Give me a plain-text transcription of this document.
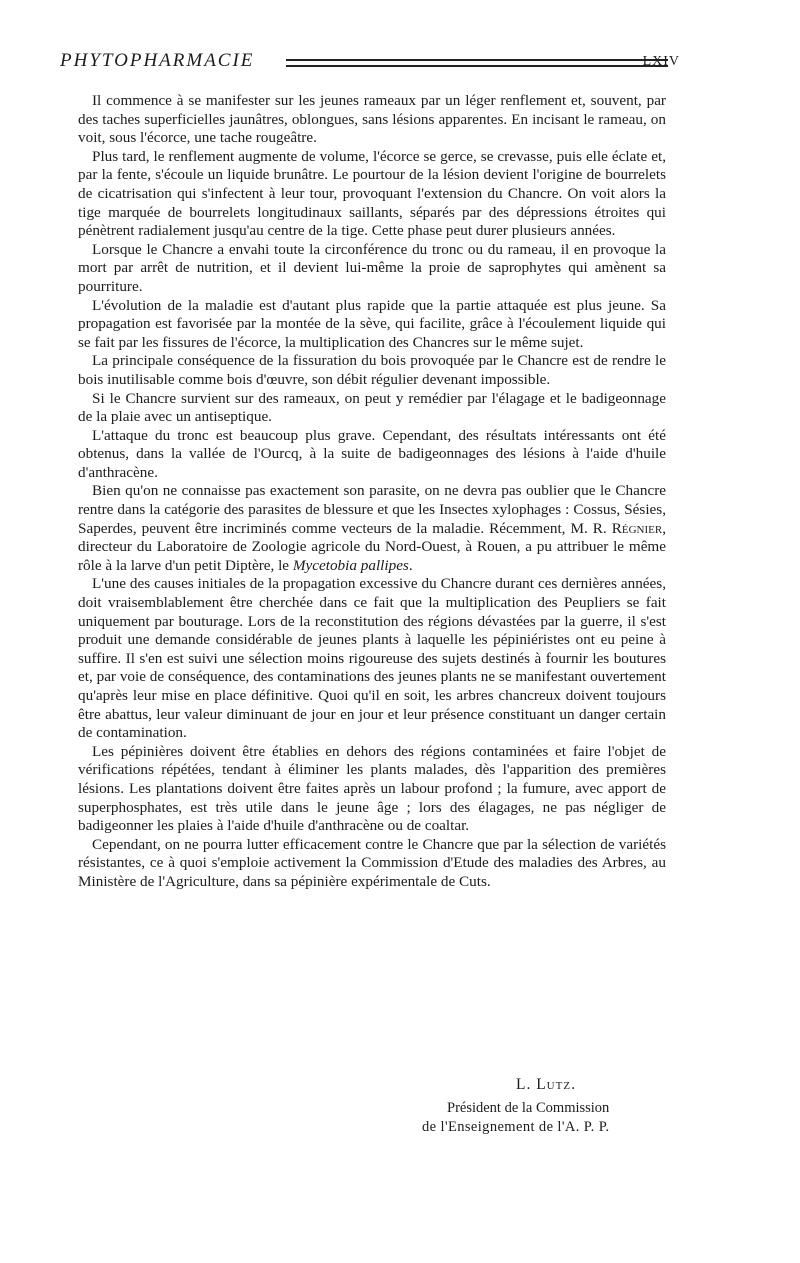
PHYTOPHARMACIE	LXIV

Il commence à se manifester sur les jeunes rameaux par un léger renflement et, souvent, par des taches superficielles jaunâtres, oblongues, sans lésions apparentes. En incisant le rameau, on voit, sous l'écorce, une tache rougeâtre.

Plus tard, le renflement augmente de volume, l'écorce se gerce, se crevasse, puis elle éclate et, par la fente, s'écoule un liquide brunâtre. Le pourtour de la lésion devient l'origine de bourrelets de cicatrisation qui s'infectent à leur tour, provoquant l'extension du Chancre. On voit alors la tige marquée de bourrelets longitudinaux saillants, séparés par des dépressions étroites qui pénètrent radialement jusqu'au centre de la tige. Cette phase peut durer plusieurs années.

Lorsque le Chancre a envahi toute la circonférence du tronc ou du rameau, il en provoque la mort par arrêt de nutrition, et il devient lui-même la proie de saprophytes qui amènent sa pourriture.

L'évolution de la maladie est d'autant plus rapide que la partie attaquée est plus jeune. Sa propagation est favorisée par la montée de la sève, qui facilite, grâce à l'écoulement liquide qui se fait par les fissures de l'écorce, la multiplication des Chancres sur le même sujet.

La principale conséquence de la fissuration du bois provoquée par le Chancre est de rendre le bois inutilisable comme bois d'œuvre, son débit régulier devenant impossible.

Si le Chancre survient sur des rameaux, on peut y remédier par l'élagage et le badigeonnage de la plaie avec un antiseptique.

L'attaque du tronc est beaucoup plus grave. Cependant, des résultats intéressants ont été obtenus, dans la vallée de l'Ourcq, à la suite de badigeonnages des lésions à l'aide d'huile d'anthracène.

Bien qu'on ne connaisse pas exactement son parasite, on ne devra pas oublier que le Chancre rentre dans la catégorie des parasites de blessure et que les Insectes xylophages : Cossus, Sésies, Saperdes, peuvent être incriminés comme vecteurs de la maladie. Récemment, M. R. Régnier, directeur du Laboratoire de Zoologie agricole du Nord-Ouest, à Rouen, a pu attribuer le même rôle à la larve d'un petit Diptère, le Mycetobia pallipes.

L'une des causes initiales de la propagation excessive du Chancre durant ces dernières années, doit vraisemblablement être cherchée dans ce fait que la multiplication des Peupliers se fait uniquement par bouturage. Lors de la reconstitution des régions dévastées par la guerre, il s'est produit une demande considérable de jeunes plants à laquelle les pépiniéristes ont eu peine à suffire. Il s'en est suivi une sélection moins rigoureuse des sujets destinés à fournir les boutures et, par voie de conséquence, des contaminations des jeunes plants ne se manifestant ouvertement qu'après leur mise en place définitive. Quoi qu'il en soit, les arbres chancreux doivent toujours être abattus, leur valeur diminuant de jour en jour et leur présence constituant un danger certain de contamination.

Les pépinières doivent être établies en dehors des régions contaminées et faire l'objet de vérifications répétées, tendant à éliminer les plants malades, dès l'apparition des premières lésions. Les plantations doivent être faites après un labour profond ; la fumure, avec apport de superphosphates, est très utile dans le jeune âge ; lors des élagages, ne pas négliger de badigeonner les plaies à l'aide d'huile d'anthracène ou de coaltar.

Cependant, on ne pourra lutter efficacement contre le Chancre que par la sélection de variétés résistantes, ce à quoi s'emploie activement la Commission d'Etude des maladies des Arbres, au Ministère de l'Agriculture, dans sa pépinière expérimentale de Cuts.

L. Lutz.
Président de la Commission
de l'Enseignement de l'A. P. P.
